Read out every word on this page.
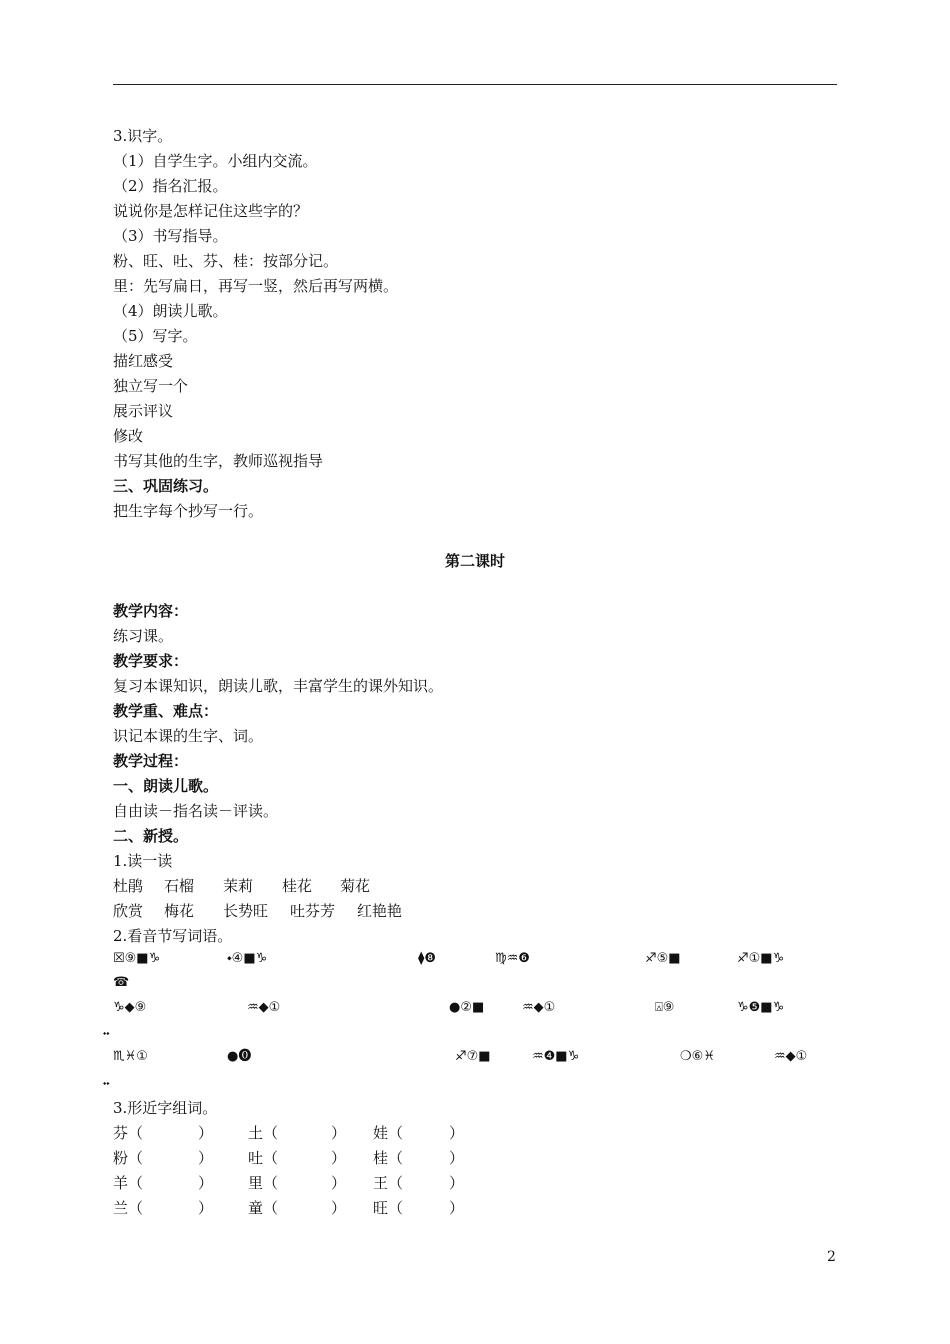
3.识字。
（1）自学生字。小组内交流。
（2）指名汇报。
说说你是怎样记住这些字的？
（3）书写指导。
粉、旺、吐、芬、桂：按部分记。
里：先写扁日，再写一竖，然后再写两横。
（4）朗读儿歌。
（5）写字。
描红感受
独立写一个
展示评议
修改
书写其他的生字，教师巡视指导
三、巩固练习。
把生字每个抄写一行。
第二课时
教学内容：
练习课。
教学要求：
复习本课知识，朗读儿歌，丰富学生的课外知识。
教学重、难点：
识记本课的生字、词。
教学过程：
一、朗读儿歌。
自由读－指名读－评读。
二、新授。
1.读一读
杜鹃 石榴 茉莉 桂花 菊花
欣赏 梅花 长势旺 吐芬芳 红艳艳
2.看音节写词语。
☒⑨■♑	⬩④■♑	⧫❽	♍♒❻	♐⑤■	♐①■♑
☎
♑◆⑨	♒◆①	●②■	♒◆①	⍓⑨	♑❺■♑
⬩⬩
♏♓①	●⓿	♐⑦■	♒❹■♑	❍⑥♓	♒◆①
⬩⬩
3.形近字组词。
芬（	） 土（	） 娃（	）
粉（	） 吐（	） 桂（	）
羊（	） 里（	） 王（	）
兰（	） 童（	） 旺（	）
2
